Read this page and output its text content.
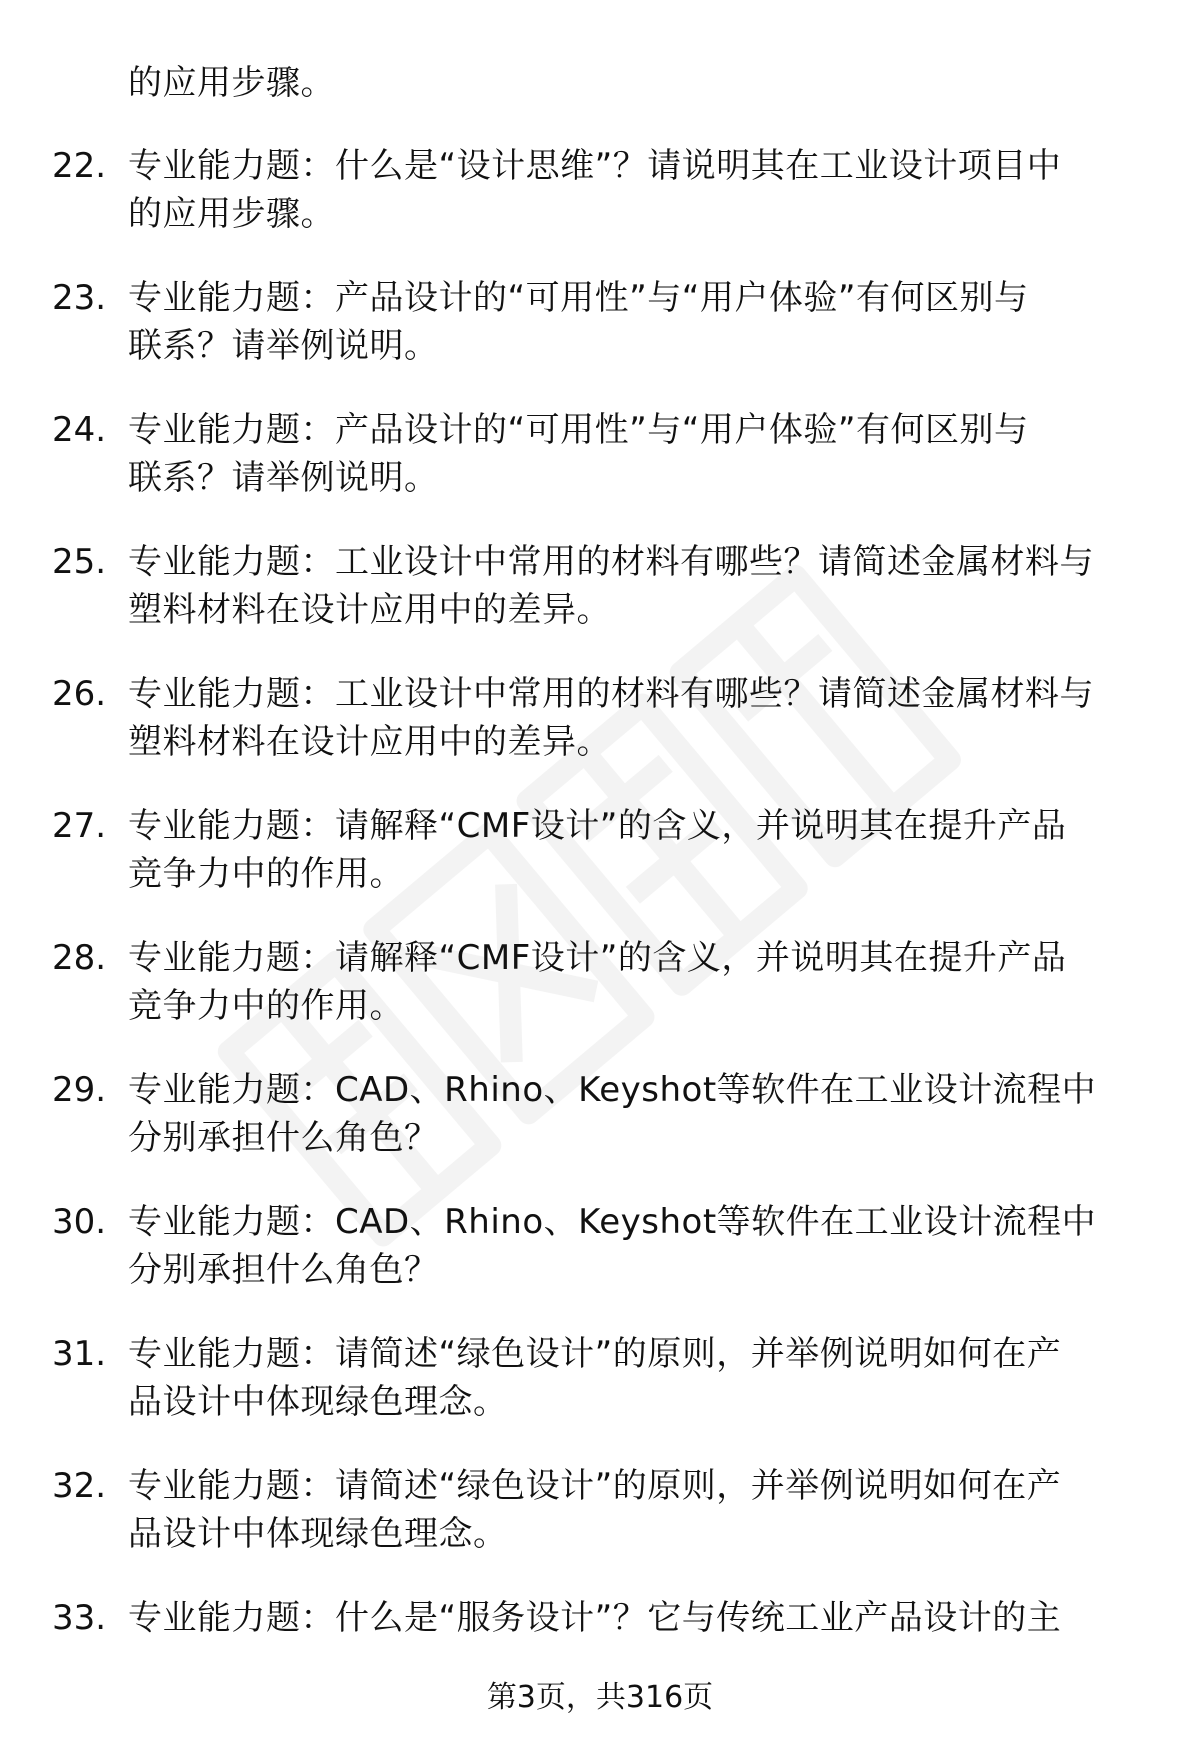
的应用步骤。
22. 专业能力题：什么是“设计思维”？请说明其在工业设计项目中
的应用步骤。
23. 专业能力题：产品设计的“可用性”与“用户体验”有何区别与
联系？请举例说明。
24. 专业能力题：产品设计的“可用性”与“用户体验”有何区别与
联系？请举例说明。
25. 专业能力题：工业设计中常用的材料有哪些？请简述金属材料与
塑料材料在设计应用中的差异。
26. 专业能力题：工业设计中常用的材料有哪些？请简述金属材料与
塑料材料在设计应用中的差异。
27. 专业能力题：请解释“CMF设计”的含义，并说明其在提升产品
竞争力中的作用。
28. 专业能力题：请解释“CMF设计”的含义，并说明其在提升产品
竞争力中的作用。
29. 专业能力题：CAD、Rhino、Keyshot等软件在工业设计流程中
分别承担什么角色？
30. 专业能力题：CAD、Rhino、Keyshot等软件在工业设计流程中
分别承担什么角色？
31. 专业能力题：请简述“绿色设计”的原则，并举例说明如何在产
品设计中体现绿色理念。
32. 专业能力题：请简述“绿色设计”的原则，并举例说明如何在产
品设计中体现绿色理念。
33. 专业能力题：什么是“服务设计”？它与传统工业产品设计的主
第3页，共316页
